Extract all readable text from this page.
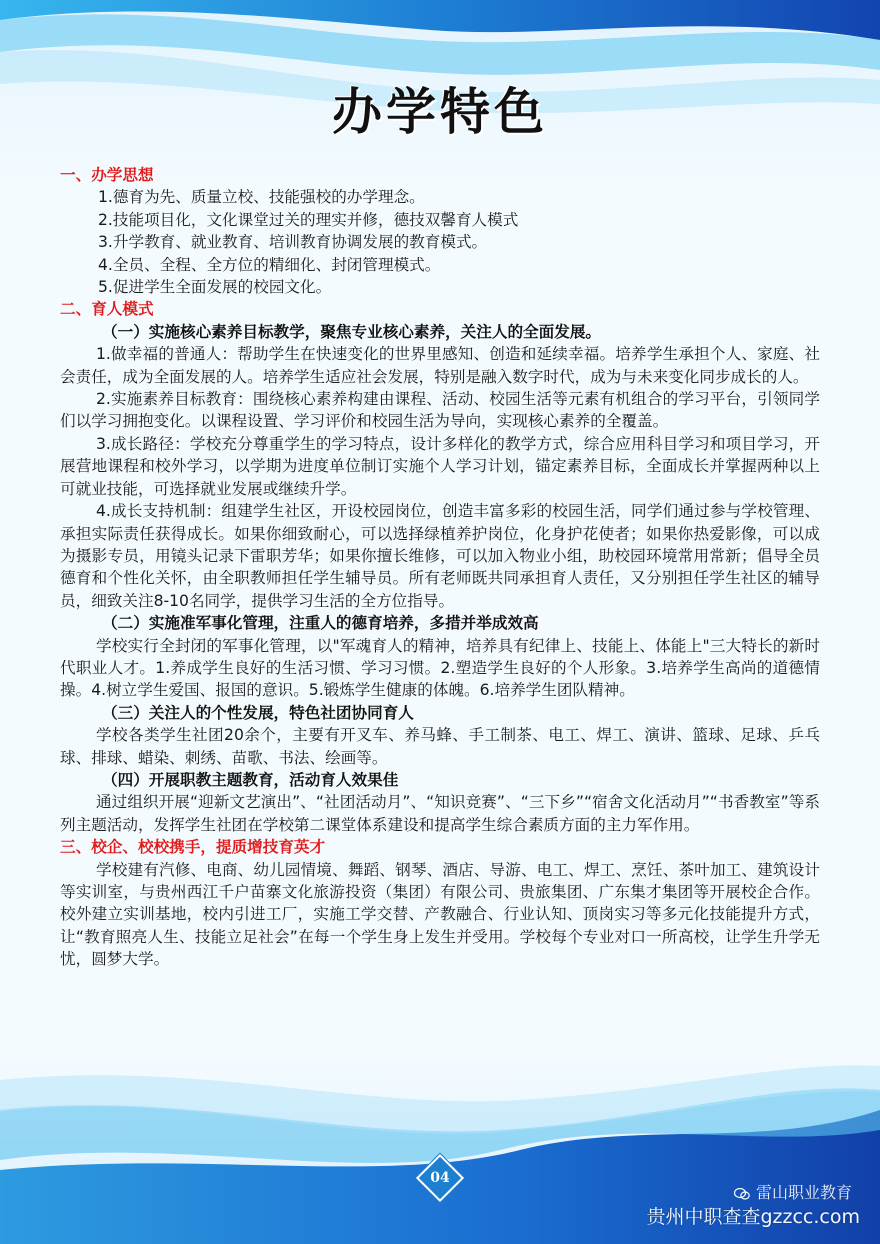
办学特色

一、办学思想

1.德育为先、质量立校、技能强校的办学理念。

2.技能项目化，文化课堂过关的理实并修，德技双馨育人模式

3.升学教育、就业教育、培训教育协调发展的教育模式。

4.全员、全程、全方位的精细化、封闭管理模式。

5.促进学生全面发展的校园文化。

二、育人模式

（一）实施核心素养目标教学，聚焦专业核心素养，关注人的全面发展。

1.做幸福的普通人：帮助学生在快速变化的世界里感知、创造和延续幸福。培养学生承担个人、家庭、社会责任，成为全面发展的人。培养学生适应社会发展，特别是融入数字时代，成为与未来变化同步成长的人。

2.实施素养目标教育：围绕核心素养构建由课程、活动、校园生活等元素有机组合的学习平台，引领同学们以学习拥抱变化。以课程设置、学习评价和校园生活为导向，实现核心素养的全覆盖。

3.成长路径：学校充分尊重学生的学习特点，设计多样化的教学方式，综合应用科目学习和项目学习，开展营地课程和校外学习，以学期为进度单位制订实施个人学习计划，锚定素养目标，全面成长并掌握两种以上可就业技能，可选择就业发展或继续升学。

4.成长支持机制：组建学生社区，开设校园岗位，创造丰富多彩的校园生活，同学们通过参与学校管理、承担实际责任获得成长。如果你细致耐心，可以选择绿植养护岗位，化身护花使者；如果你热爱影像，可以成为摄影专员，用镜头记录下雷职芳华；如果你擅长维修，可以加入物业小组，助校园环境常用常新；倡导全员德育和个性化关怀，由全职教师担任学生辅导员。所有老师既共同承担育人责任，又分别担任学生社区的辅导员，细致关注8-10名同学，提供学习生活的全方位指导。

（二）实施准军事化管理，注重人的德育培养，多措并举成效高

学校实行全封闭的军事化管理，以"军魂育人的精神，培养具有纪律上、技能上、体能上"三大特长的新时代职业人才。1.养成学生良好的生活习惯、学习习惯。2.塑造学生良好的个人形象。3.培养学生高尚的道德情操。4.树立学生爱国、报国的意识。5.锻炼学生健康的体魄。6.培养学生团队精神。

（三）关注人的个性发展，特色社团协同育人

学校各类学生社团20余个，主要有开叉车、养马蜂、手工制茶、电工、焊工、演讲、篮球、足球、乒乓球、排球、蜡染、刺绣、苗歌、书法、绘画等。

（四）开展职教主题教育，活动育人效果佳

通过组织开展“迎新文艺演出”、“社团活动月”、“知识竞赛”、“三下乡”“宿舍文化活动月”“书香教室”等系列主题活动，发挥学生社团在学校第二课堂体系建设和提高学生综合素质方面的主力军作用。

三、校企、校校携手，提质增技育英才

学校建有汽修、电商、幼儿园情境、舞蹈、钢琴、酒店、导游、电工、焊工、烹饪、茶叶加工、建筑设计等实训室，与贵州西江千户苗寨文化旅游投资（集团）有限公司、贵旅集团、广东集才集团等开展校企合作。校外建立实训基地，校内引进工厂，实施工学交替、产教融合、行业认知、顶岗实习等多元化技能提升方式，让“教育照亮人生、技能立足社会”在每一个学生身上发生并受用。学校每个专业对口一所高校，让学生升学无忧，圆梦大学。

04
雷山职业教育
贵州中职查查gzzcc.com
